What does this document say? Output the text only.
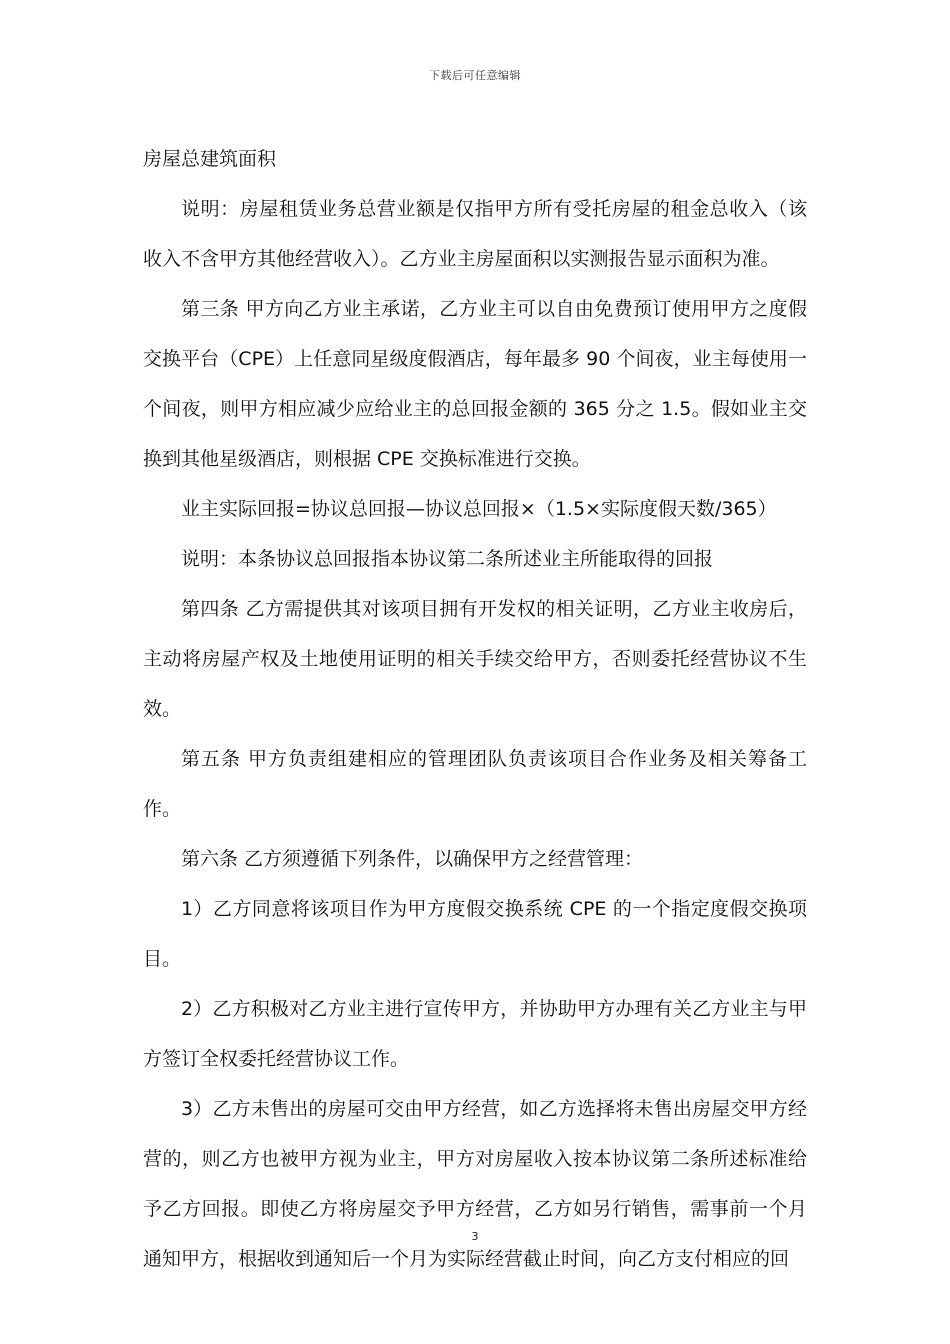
下载后可任意编辑

房屋总建筑面积

说明：房屋租赁业务总营业额是仅指甲方所有受托房屋的租金总收入（该收入不含甲方其他经营收入）。乙方业主房屋面积以实测报告显示面积为准。

第三条 甲方向乙方业主承诺，乙方业主可以自由免费预订使用甲方之度假交换平台（CPE）上任意同星级度假酒店，每年最多 90 个间夜，业主每使用一个间夜，则甲方相应减少应给业主的总回报金额的 365 分之 1.5。假如业主交换到其他星级酒店，则根据 CPE 交换标准进行交换。

业主实际回报=协议总回报—协议总回报×（1.5×实际度假天数/365）

说明：本条协议总回报指本协议第二条所述业主所能取得的回报

第四条 乙方需提供其对该项目拥有开发权的相关证明，乙方业主收房后，主动将房屋产权及土地使用证明的相关手续交给甲方，否则委托经营协议不生效。

第五条 甲方负责组建相应的管理团队负责该项目合作业务及相关筹备工作。

第六条 乙方须遵循下列条件，以确保甲方之经营管理：

1）乙方同意将该项目作为甲方度假交换系统 CPE 的一个指定度假交换项目。

2）乙方积极对乙方业主进行宣传甲方，并协助甲方办理有关乙方业主与甲方签订全权委托经营协议工作。

3）乙方未售出的房屋可交由甲方经营，如乙方选择将未售出房屋交甲方经营的，则乙方也被甲方视为业主，甲方对房屋收入按本协议第二条所述标准给予乙方回报。即使乙方将房屋交予甲方经营，乙方如另行销售，需事前一个月通知甲方，根据收到通知后一个月为实际经营截止时间，向乙方支付相应的回

3
